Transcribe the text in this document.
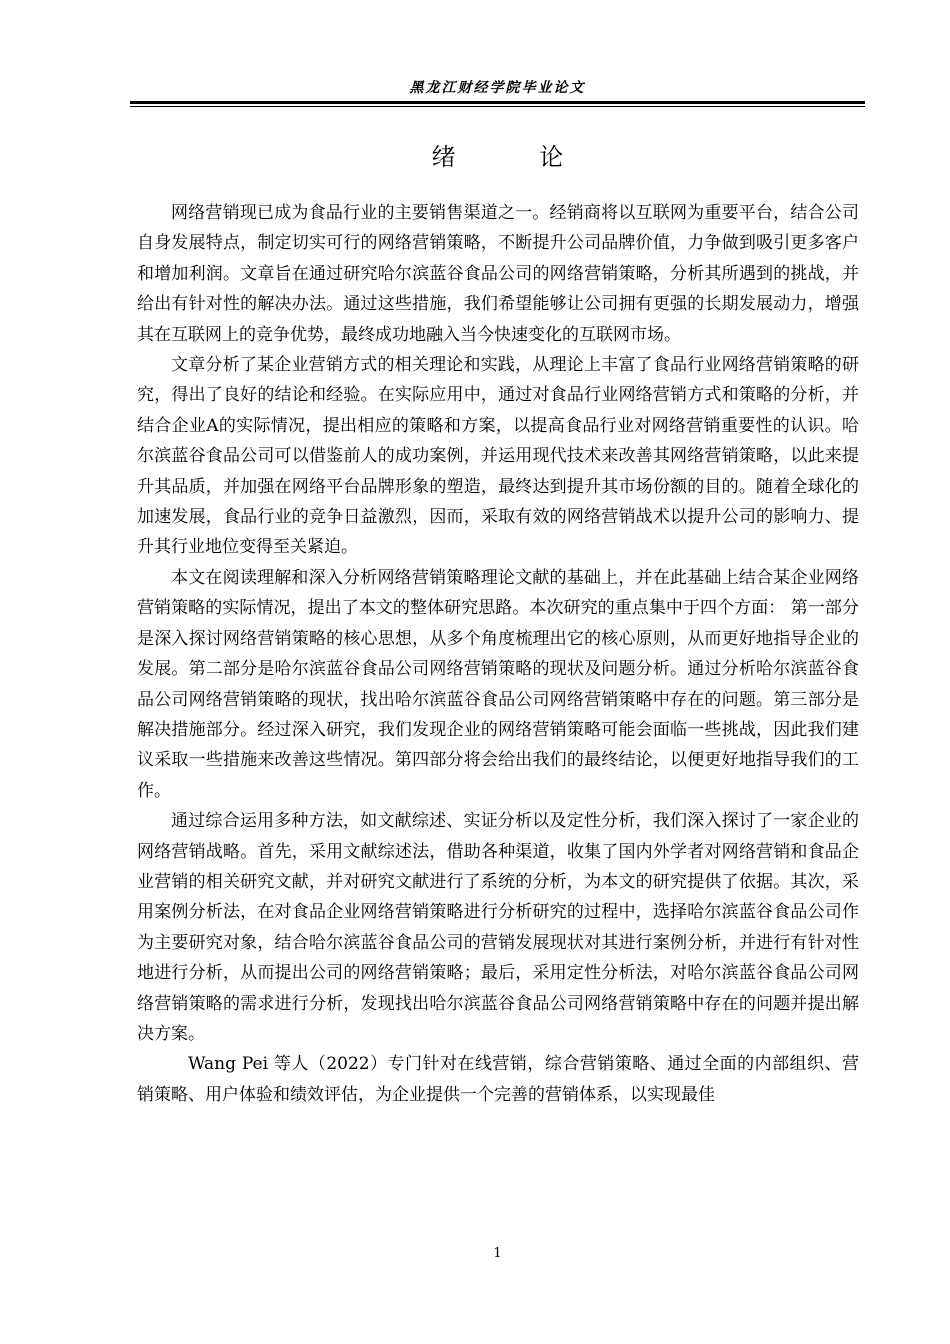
黑龙江财经学院毕业论文
绪 论

网络营销现已成为食品行业的主要销售渠道之一。经销商将以互联网为重要平台，结合公司自身发展特点，制定切实可行的网络营销策略，不断提升公司品牌价值，力争做到吸引更多客户和增加利润。文章旨在通过研究哈尔滨蓝谷食品公司的网络营销策略，分析其所遇到的挑战，并给出有针对性的解决办法。通过这些措施，我们希望能够让公司拥有更强的长期发展动力，增强其在互联网上的竞争优势，最终成功地融入当今快速变化的互联网市场。

文章分析了某企业营销方式的相关理论和实践，从理论上丰富了食品行业网络营销策略的研究，得出了良好的结论和经验。在实际应用中，通过对食品行业网络营销方式和策略的分析，并结合企业A的实际情况，提出相应的策略和方案，以提高食品行业对网络营销重要性的认识。哈尔滨蓝谷食品公司可以借鉴前人的成功案例，并运用现代技术来改善其网络营销策略，以此来提升其品质，并加强在网络平台品牌形象的塑造，最终达到提升其市场份额的目的。随着全球化的加速发展，食品行业的竞争日益激烈，因而，采取有效的网络营销战术以提升公司的影响力、提升其行业地位变得至关紧迫。

本文在阅读理解和深入分析网络营销策略理论文献的基础上，并在此基础上结合某企业网络营销策略的实际情况，提出了本文的整体研究思路。本次研究的重点集中于四个方面： 第一部分是深入探讨网络营销策略的核心思想，从多个角度梳理出它的核心原则，从而更好地指导企业的发展。第二部分是哈尔滨蓝谷食品公司网络营销策略的现状及问题分析。通过分析哈尔滨蓝谷食品公司网络营销策略的现状，找出哈尔滨蓝谷食品公司网络营销策略中存在的问题。第三部分是解决措施部分。经过深入研究，我们发现企业的网络营销策略可能会面临一些挑战，因此我们建议采取一些措施来改善这些情况。第四部分将会给出我们的最终结论，以便更好地指导我们的工作。

通过综合运用多种方法，如文献综述、实证分析以及定性分析，我们深入探讨了一家企业的网络营销战略。首先，采用文献综述法，借助各种渠道，收集了国内外学者对网络营销和食品企业营销的相关研究文献，并对研究文献进行了系统的分析，为本文的研究提供了依据。其次，采用案例分析法，在对食品企业网络营销策略进行分析研究的过程中，选择哈尔滨蓝谷食品公司作为主要研究对象，结合哈尔滨蓝谷食品公司的营销发展现状对其进行案例分析，并进行有针对性地进行分析，从而提出公司的网络营销策略；最后，采用定性分析法，对哈尔滨蓝谷食品公司网络营销策略的需求进行分析，发现找出哈尔滨蓝谷食品公司网络营销策略中存在的问题并提出解决方案。

Wang Pei 等人（2022）专门针对在线营销，综合营销策略、通过全面的内部组织、营销策略、用户体验和绩效评估，为企业提供一个完善的营销体系，以实现最佳

1
